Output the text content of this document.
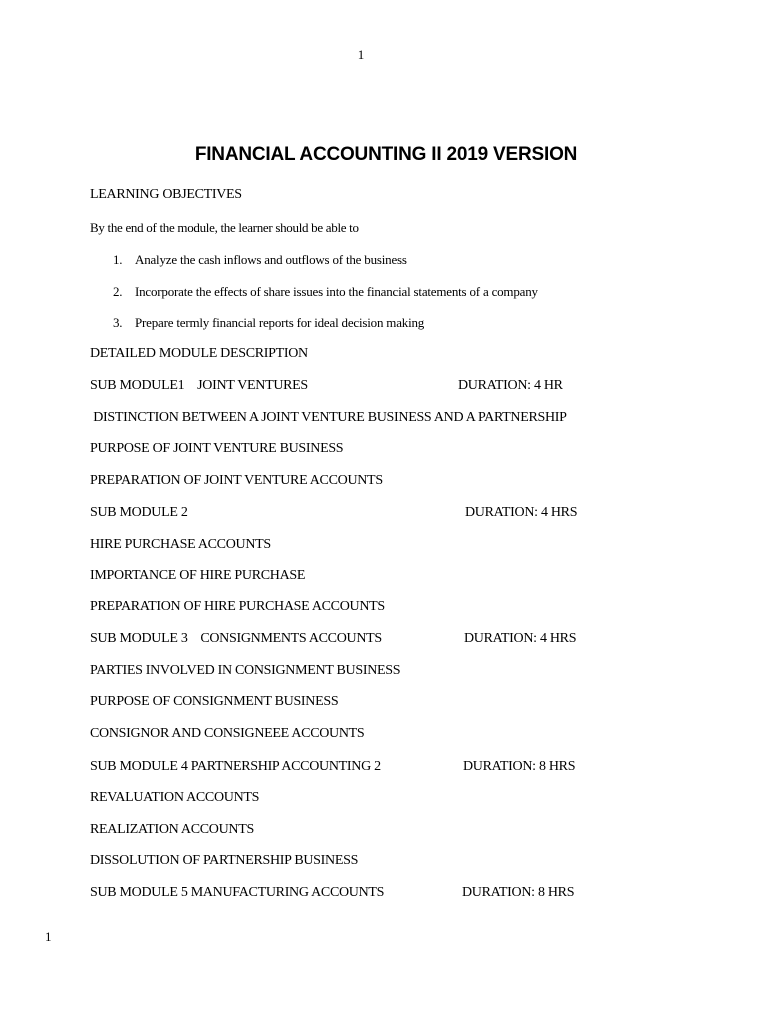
1
FINANCIAL ACCOUNTING II 2019 VERSION
LEARNING OBJECTIVES
By the end of the module, the learner should be able to
1. Analyze the cash inflows and outflows of the business
2. Incorporate the effects of share issues into the financial statements of a company
3. Prepare termly financial reports for ideal decision making
DETAILED MODULE DESCRIPTION
SUB MODULE1    JOINT VENTURES	DURATION: 4 HR
DISTINCTION BETWEEN A JOINT VENTURE BUSINESS AND A PARTNERSHIP
PURPOSE OF JOINT VENTURE BUSINESS
PREPARATION OF JOINT VENTURE ACCOUNTS
SUB MODULE 2	DURATION: 4 HRS
HIRE PURCHASE ACCOUNTS
IMPORTANCE OF HIRE PURCHASE
PREPARATION OF HIRE PURCHASE ACCOUNTS
SUB MODULE 3    CONSIGNMENTS ACCOUNTS	DURATION: 4 HRS
PARTIES INVOLVED IN CONSIGNMENT BUSINESS
PURPOSE OF CONSIGNMENT BUSINESS
CONSIGNOR AND CONSIGNEEE ACCOUNTS
SUB MODULE 4 PARTNERSHIP ACCOUNTING 2	DURATION: 8 HRS
REVALUATION ACCOUNTS
REALIZATION ACCOUNTS
DISSOLUTION OF PARTNERSHIP BUSINESS
SUB MODULE 5 MANUFACTURING ACCOUNTS	DURATION: 8 HRS
1
